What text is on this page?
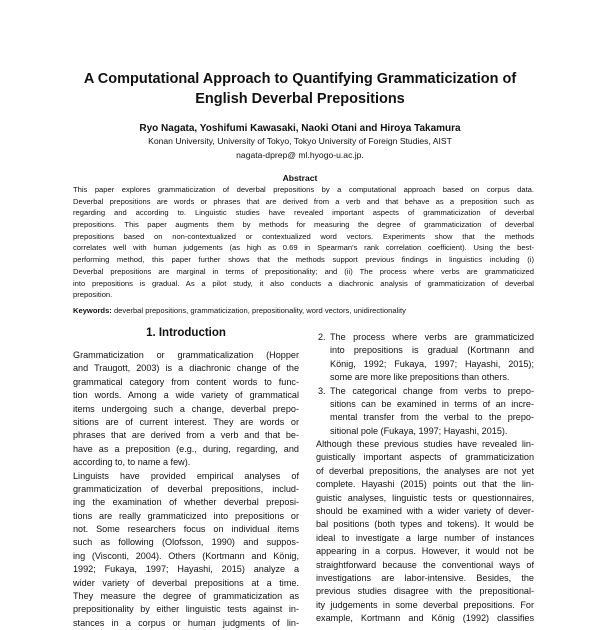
A Computational Approach to Quantifying Grammaticization of
English Deverbal Prepositions
Ryo Nagata, Yoshifumi Kawasaki, Naoki Otani and Hiroya Takamura
Konan University, University of Tokyo, Tokyo University of Foreign Studies, AIST
nagata-dprep@ ml.hyogo-u.ac.jp.
Abstract
This paper explores grammaticization of deverbal prepositions by a computational approach based on corpus data.
Deverbal prepositions are words or phrases that are derived from a verb and that behave as a preposition such as
regarding and according to. Linguistic studies have revealed important aspects of grammaticization of deverbal
prepositions. This paper augments them by methods for measuring the degree of grammaticization of deverbal
prepositions based on non-contextualized or contextualized word vectors. Experiments show that the methods
correlates well with human judgements (as high as 0.69 in Spearman's rank correlation coefficient). Using the best-
performing method, this paper further shows that the methods support previous findings in linguistics including (i)
Deverbal prepositions are marginal in terms of prepositionality; and (ii) The process where verbs are grammaticized
into prepositions is gradual. As a pilot study, it also conducts a diachronic analysis of grammaticization of deverbal
preposition.
Keywords: deverbal prepositions, grammaticization, prepositionality, word vectors, unidirectionality
1. Introduction
Grammaticization or grammaticalization (Hopper
and Traugott, 2003) is a diachronic change of the
grammatical category from content words to func-
tion words. Among a wide variety of grammatical
items undergoing such a change, deverbal prepo-
sitions are of current interest. They are words or
phrases that are derived from a verb and that be-
have as a preposition (e.g., during, regarding, and
according to, to name a few).
Linguists have provided empirical analyses of
grammaticization of deverbal prepositions, includ-
ing the examination of whether deverbal preposi-
tions are really grammaticized into prepositions or
not. Some researchers focus on individual items
such as following (Olofsson, 1990) and suppos-
ing (Visconti, 2004). Others (Kortmann and König,
1992; Fukaya, 1997; Hayashi, 2015) analyze a
wider variety of deverbal prepositions at a time.
They measure the degree of grammaticization as
prepositionality by either linguistic tests against in-
stances in a corpus or human judgments of lin-
2. The process where verbs are grammaticized
into prepositions is gradual (Kortmann and
König, 1992; Fukaya, 1997; Hayashi, 2015);
some are more like prepositions than others.
3. The categorical change from verbs to prepo-
sitions can be examined in terms of an incre-
mental transfer from the verbal to the prepo-
sitional pole (Fukaya, 1997; Hayashi, 2015).
Although these previous studies have revealed lin-
guistically important aspects of grammaticization
of deverbal prepositions, the analyses are not yet
complete. Hayashi (2015) points out that the lin-
guistic analyses, linguistic tests or questionnaires,
should be examined with a wider variety of dever-
bal positions (both types and tokens). It would be
ideal to investigate a large number of instances
appearing in a corpus. However, it would not be
straightforward because the conventional ways of
investigations are labor-intensive. Besides, the
previous studies disagree with the prepositional-
ity judgements in some deverbal prepositions. For
example, Kortmann and König (1992) classifies
